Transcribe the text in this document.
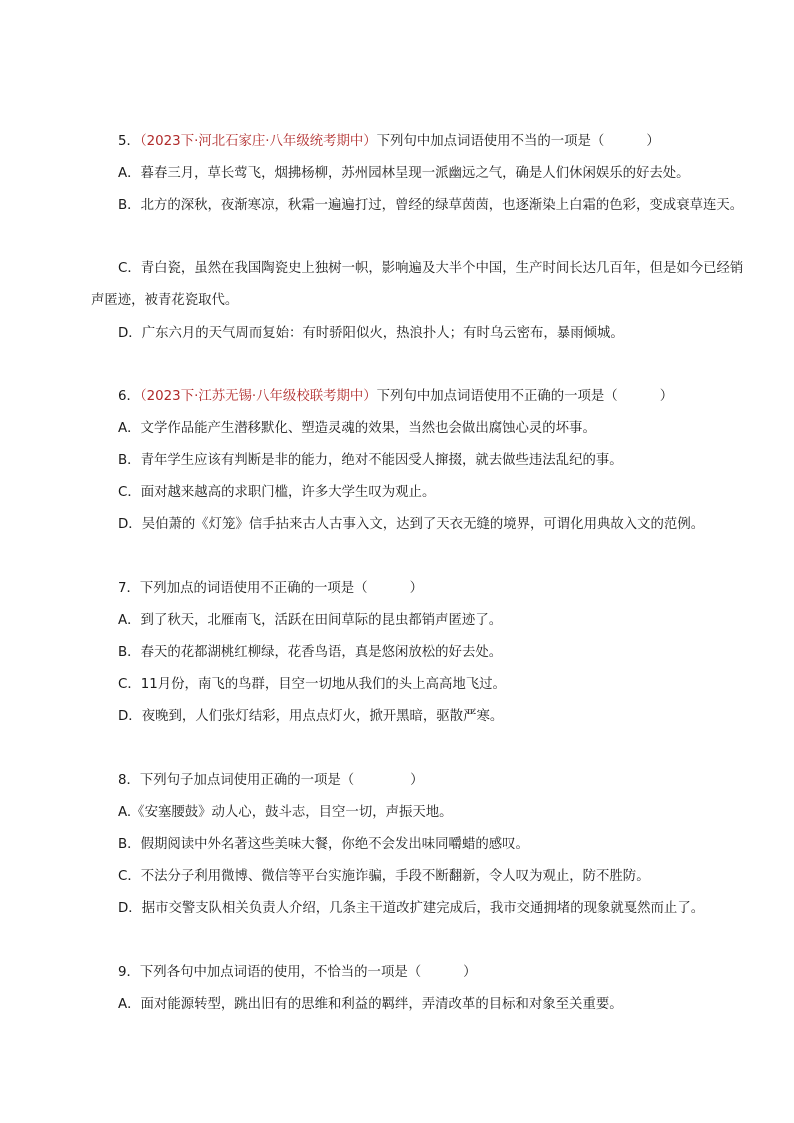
5．（2023下·河北石家庄·八年级统考期中）下列句中加点词语使用不当的一项是（	）
A．暮春三月，草长莺飞，烟拂杨柳，苏州园林呈现一派幽远之气，确是人们休闲娱乐的好去处。
B．北方的深秋，夜渐寒凉，秋霜一遍遍打过，曾经的绿草茵茵，也逐渐染上白霜的色彩，变成衰草连天。
C．青白瓷，虽然在我国陶瓷史上独树一帜，影响遍及大半个中国，生产时间长达几百年，但是如今已经销声匿迹，被青花瓷取代。
D．广东六月的天气周而复始：有时骄阳似火，热浪扑人；有时乌云密布，暴雨倾城。
6．（2023下·江苏无锡·八年级校联考期中）下列句中加点词语使用不正确的一项是（	）
A．文学作品能产生潜移默化、塑造灵魂的效果，当然也会做出腐蚀心灵的坏事。
B．青年学生应该有判断是非的能力，绝对不能因受人撺掇，就去做些违法乱纪的事。
C．面对越来越高的求职门槛，许多大学生叹为观止。
D．吴伯萧的《灯笼》信手拈来古人古事入文，达到了天衣无缝的境界，可谓化用典故入文的范例。
7．下列加点的词语使用不正确的一项是（	）
A．到了秋天，北雁南飞，活跃在田间草际的昆虫都销声匿迹了。
B．春天的花都湖桃红柳绿，花香鸟语，真是悠闲放松的好去处。
C．11月份，南飞的鸟群，目空一切地从我们的头上高高地飞过。
D．夜晚到，人们张灯结彩，用点点灯火，掀开黑暗，驱散严寒。
8．下列句子加点词使用正确的一项是（	）
A.《安塞腰鼓》动人心，鼓斗志，目空一切，声振天地。
B．假期阅读中外名著这些美味大餐，你绝不会发出味同嚼蜡的感叹。
C．不法分子利用微博、微信等平台实施诈骗，手段不断翻新，令人叹为观止，防不胜防。
D．据市交警支队相关负责人介绍，几条主干道改扩建完成后，我市交通拥堵的现象就戛然而止了。
9．下列各句中加点词语的使用，不恰当的一项是（	）
A．面对能源转型，跳出旧有的思维和利益的羁绊，弄清改革的目标和对象至关重要。
